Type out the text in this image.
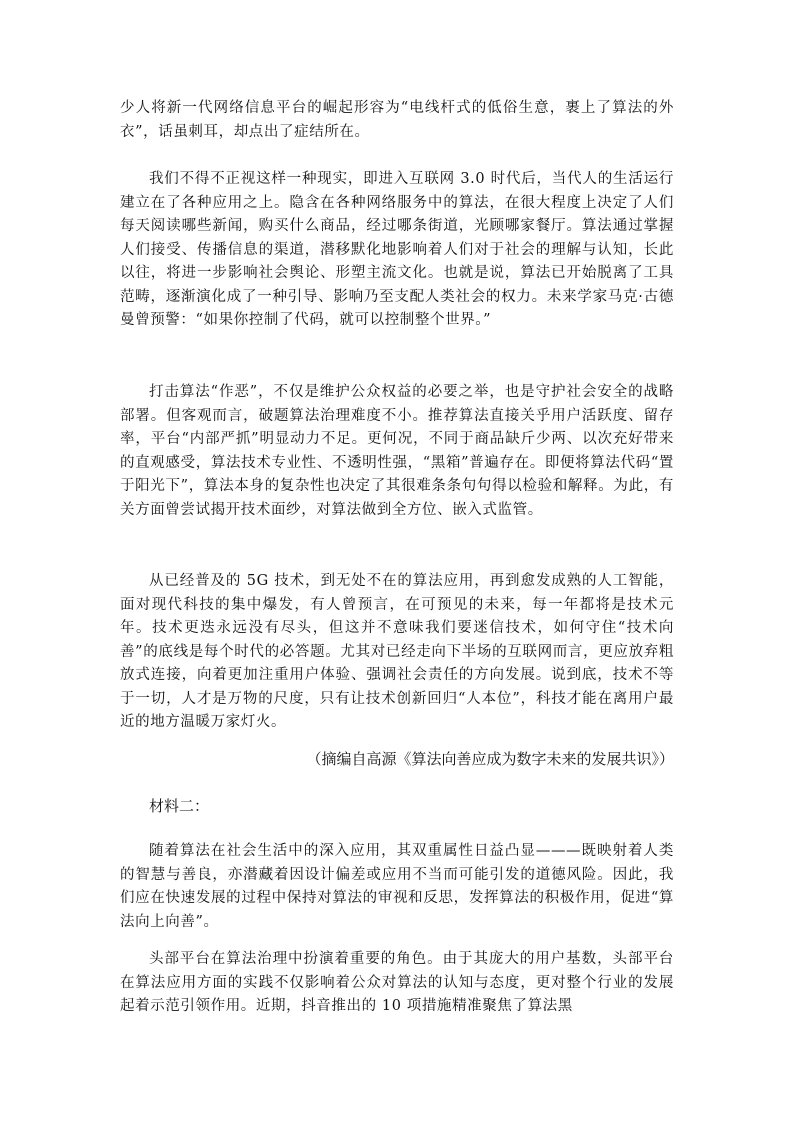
少人将新一代网络信息平台的崛起形容为“电线杆式的低俗生意，裹上了算法的外衣”，话虽刺耳，却点出了症结所在。

我们不得不正视这样一种现实，即进入互联网 3.0 时代后，当代人的生活运行建立在了各种应用之上。隐含在各种网络服务中的算法，在很大程度上决定了人们每天阅读哪些新闻，购买什么商品，经过哪条街道，光顾哪家餐厅。算法通过掌握人们接受、传播信息的渠道，潜移默化地影响着人们对于社会的理解与认知，长此以往，将进一步影响社会舆论、形塑主流文化。也就是说，算法已开始脱离了工具范畴，逐渐演化成了一种引导、影响乃至支配人类社会的权力。未来学家马克·古德曼曾预警：“如果你控制了代码，就可以控制整个世界。”

打击算法“作恶”，不仅是维护公众权益的必要之举，也是守护社会安全的战略部署。但客观而言，破题算法治理难度不小。推荐算法直接关乎用户活跃度、留存率，平台“内部严抓”明显动力不足。更何况，不同于商品缺斤少两、以次充好带来的直观感受，算法技术专业性、不透明性强，“黑箱”普遍存在。即便将算法代码“置于阳光下”，算法本身的复杂性也决定了其很难条条句句得以检验和解释。为此，有关方面曾尝试揭开技术面纱，对算法做到全方位、嵌入式监管。

从已经普及的 5G 技术，到无处不在的算法应用，再到愈发成熟的人工智能，面对现代科技的集中爆发，有人曾预言，在可预见的未来，每一年都将是技术元年。技术更迭永远没有尽头，但这并不意味我们要迷信技术，如何守住“技术向善”的底线是每个时代的必答题。尤其对已经走向下半场的互联网而言，更应放弃粗放式连接，向着更加注重用户体验、强调社会责任的方向发展。说到底，技术不等于一切，人才是万物的尺度，只有让技术创新回归“人本位”，科技才能在离用户最近的地方温暖万家灯火。

（摘编自高源《算法向善应成为数字未来的发展共识》）

材料二：

随着算法在社会生活中的深入应用，其双重属性日益凸显———既映射着人类的智慧与善良，亦潜藏着因设计偏差或应用不当而可能引发的道德风险。因此，我们应在快速发展的过程中保持对算法的审视和反思，发挥算法的积极作用，促进“算法向上向善”。

头部平台在算法治理中扮演着重要的角色。由于其庞大的用户基数，头部平台在算法应用方面的实践不仅影响着公众对算法的认知与态度，更对整个行业的发展起着示范引领作用。近期，抖音推出的 10 项措施精准聚焦了算法黑
